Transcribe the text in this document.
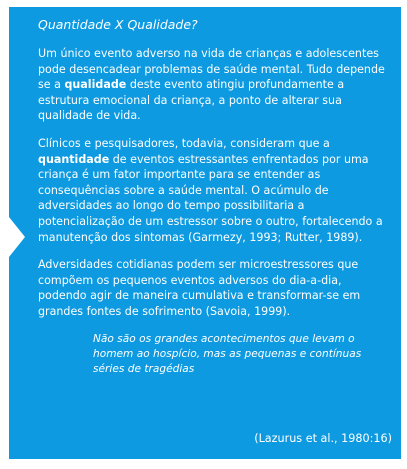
Quantidade X Qualidade?
Um único evento adverso na vida de crianças e adolescentes pode desencadear problemas de saúde mental. Tudo depende se a qualidade deste evento atingiu profundamente a estrutura emocional da criança, a ponto de alterar sua qualidade de vida.
Clínicos e pesquisadores, todavia, consideram que a quantidade de eventos estressantes enfrentados por uma criança é um fator importante para se entender as consequências sobre a saúde mental. O acúmulo de adversidades ao longo do tempo possibilitaria a potencialização de um estressor sobre o outro, fortalecendo a manutenção dos sintomas (Garmezy, 1993; Rutter, 1989).
Adversidades cotidianas podem ser microestressores que compõem os pequenos eventos adversos do dia-a-dia, podendo agir de maneira cumulativa e transformar-se em grandes fontes de sofrimento (Savoia, 1999).
Não são os grandes acontecimentos que levam o homem ao hospício, mas as pequenas e contínuas séries de tragédias
(Lazurus et al., 1980:16)
